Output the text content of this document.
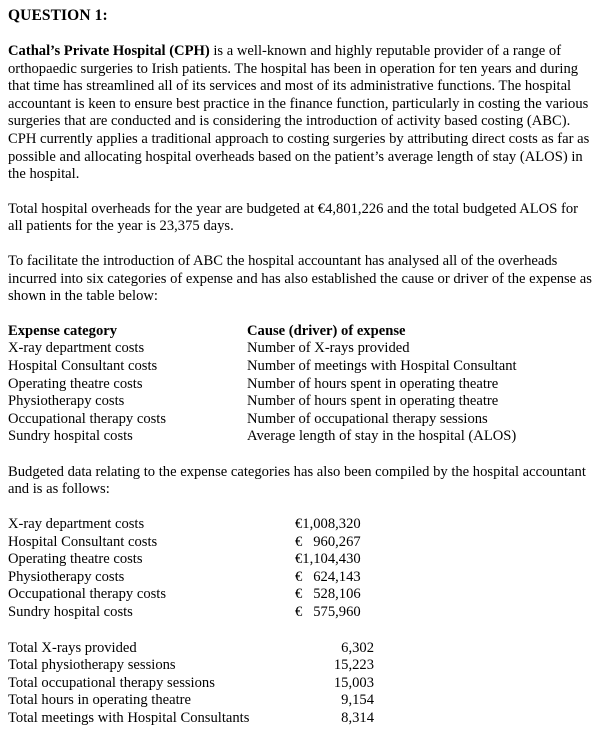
QUESTION 1:

Cathal’s Private Hospital (CPH) is a well-known and highly reputable provider of a range of orthopaedic surgeries to Irish patients. The hospital has been in operation for ten years and during that time has streamlined all of its services and most of its administrative functions. The hospital accountant is keen to ensure best practice in the finance function, particularly in costing the various surgeries that are conducted and is considering the introduction of activity based costing (ABC). CPH currently applies a traditional approach to costing surgeries by attributing direct costs as far as possible and allocating hospital overheads based on the patient’s average length of stay (ALOS) in the hospital.

Total hospital overheads for the year are budgeted at €4,801,226 and the total budgeted ALOS for all patients for the year is 23,375 days.

To facilitate the introduction of ABC the hospital accountant has analysed all of the overheads incurred into six categories of expense and has also established the cause or driver of the expense as shown in the table below:

Expense category	Cause (driver) of expense
X-ray department costs	Number of X-rays provided
Hospital Consultant costs	Number of meetings with Hospital Consultant
Operating theatre costs	Number of hours spent in operating theatre
Physiotherapy costs	Number of hours spent in operating theatre
Occupational therapy costs	Number of occupational therapy sessions
Sundry hospital costs	Average length of stay in the hospital (ALOS)

Budgeted data relating to the expense categories has also been compiled by the hospital accountant and is as follows:

X-ray department costs	€1,008,320
Hospital Consultant costs	€   960,267
Operating theatre costs	€1,104,430
Physiotherapy costs	€   624,143
Occupational therapy costs	€   528,106
Sundry hospital costs	€   575,960
Total X-rays provided	6,302
Total physiotherapy sessions	15,223
Total occupational therapy sessions	15,003
Total hours in operating theatre	9,154
Total meetings with Hospital Consultants	8,314
